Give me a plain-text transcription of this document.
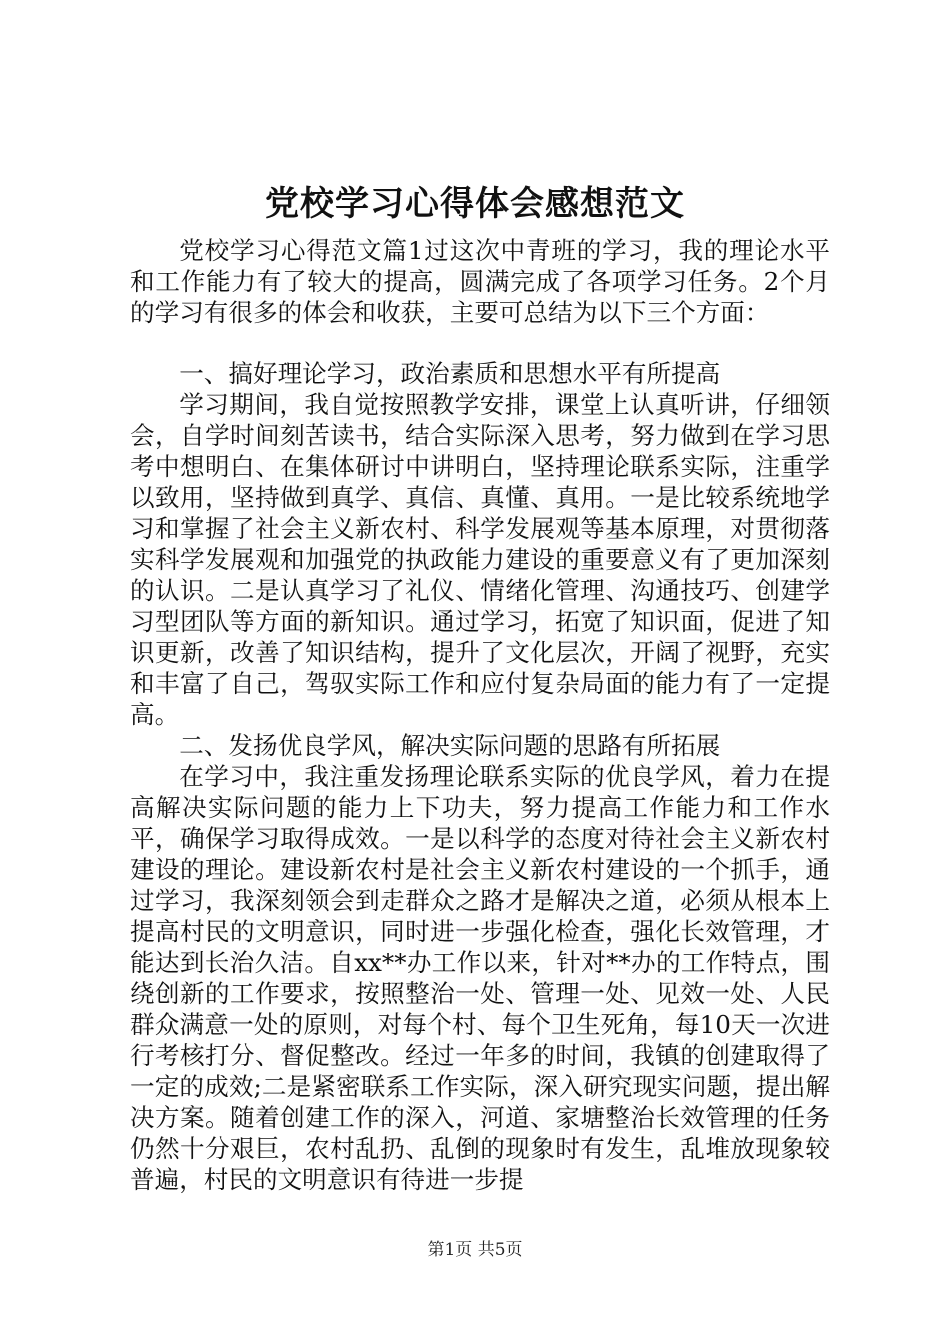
党校学习心得体会感想范文

党校学习心得范文篇1过这次中青班的学习，我的理论水平和工作能力有了较大的提高，圆满完成了各项学习任务。2个月的学习有很多的体会和收获，主要可总结为以下三个方面：

一、搞好理论学习，政治素质和思想水平有所提高

学习期间，我自觉按照教学安排，课堂上认真听讲，仔细领会，自学时间刻苦读书，结合实际深入思考，努力做到在学习思考中想明白、在集体研讨中讲明白，坚持理论联系实际，注重学以致用，坚持做到真学、真信、真懂、真用。一是比较系统地学习和掌握了社会主义新农村、科学发展观等基本原理，对贯彻落实科学发展观和加强党的执政能力建设的重要意义有了更加深刻的认识。二是认真学习了礼仪、情绪化管理、沟通技巧、创建学习型团队等方面的新知识。通过学习，拓宽了知识面，促进了知识更新，改善了知识结构，提升了文化层次，开阔了视野，充实和丰富了自己，驾驭实际工作和应付复杂局面的能力有了一定提高。

二、发扬优良学风，解决实际问题的思路有所拓展

在学习中，我注重发扬理论联系实际的优良学风，着力在提高解决实际问题的能力上下功夫，努力提高工作能力和工作水平，确保学习取得成效。一是以科学的态度对待社会主义新农村建设的理论。建设新农村是社会主义新农村建设的一个抓手，通过学习，我深刻领会到走群众之路才是解决之道，必须从根本上提高村民的文明意识，同时进一步强化检查，强化长效管理，才能达到长治久洁。自xx**办工作以来，针对**办的工作特点，围绕创新的工作要求，按照整治一处、管理一处、见效一处、人民群众满意一处的原则，对每个村、每个卫生死角，每10天一次进行考核打分、督促整改。经过一年多的时间，我镇的创建取得了一定的成效;二是紧密联系工作实际，深入研究现实问题，提出解决方案。随着创建工作的深入，河道、家塘整治长效管理的任务仍然十分艰巨，农村乱扔、乱倒的现象时有发生，乱堆放现象较普遍，村民的文明意识有待进一步提

第1页 共5页
